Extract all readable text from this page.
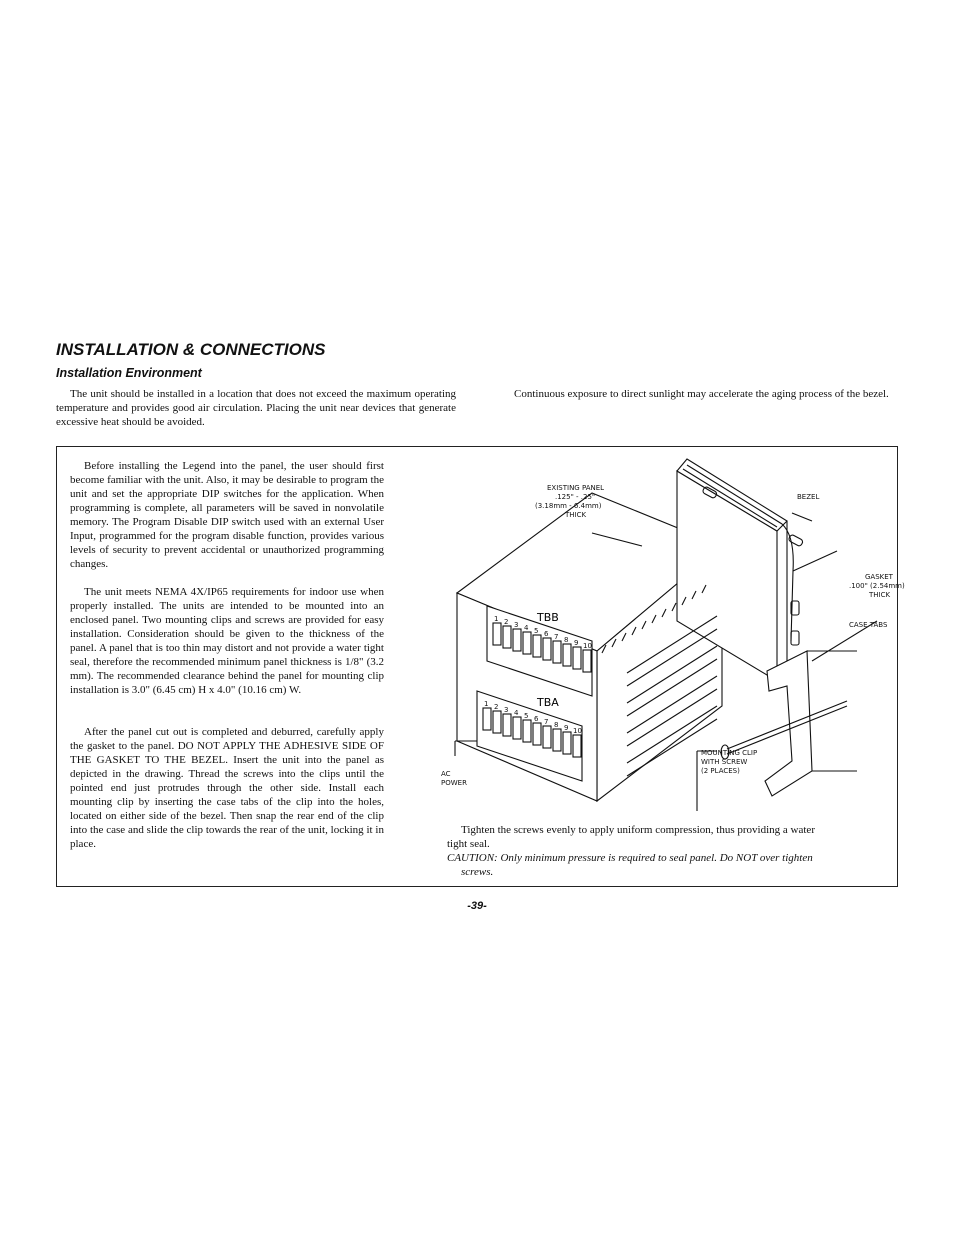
INSTALLATION & CONNECTIONS
Installation Environment

The unit should be installed in a location that does not exceed the maximum operating temperature and provides good air circulation. Placing the unit near devices that generate excessive heat should be avoided.

Continuous exposure to direct sunlight may accelerate the aging process of the bezel.

Before installing the Legend into the panel, the user should first become familiar with the unit. Also, it may be desirable to program the unit and set the appropriate DIP switches for the application. When programming is complete, all parameters will be saved in nonvolatile memory. The Program Disable DIP switch used with an external User Input, programmed for the program disable function, provides various levels of security to prevent accidental or unauthorized programming changes.

The unit meets NEMA 4X/IP65 requirements for indoor use when properly installed. The units are intended to be mounted into an enclosed panel. Two mounting clips and screws are provided for easy installation. Consideration should be given to the thickness of the panel. A panel that is too thin may distort and not provide a water tight seal, therefore the recommended minimum panel thickness is 1/8" (3.2 mm). The recommended clearance behind the panel for mounting clip installation is 3.0" (6.45 cm) H x 4.0" (10.16 cm) W.

After the panel cut out is completed and deburred, carefully apply the gasket to the panel. DO NOT APPLY THE ADHESIVE SIDE OF THE GASKET TO THE BEZEL. Insert the unit into the panel as depicted in the drawing. Thread the screws into the clips until the pointed end just protrudes through the other side. Install each mounting clip by inserting the case tabs of the clip into the holes, located on either side of the bezel. Then snap the rear end of the clip into the case and slide the clip towards the rear of the unit, locking it in place.

EXISTING PANEL
.125" - .25"
(3.18mm - 6.4mm)
THICK
BEZEL
GASKET
.100" (2.54mm)
THICK
CASE TABS
MOUNTING CLIP
WITH SCREW
(2 PLACES)
AC
POWER
TBB
TBA
1 2 3 4 5 6 7 8 9 10
1 2 3 4 5 6 7 8 9 10

Tighten the screws evenly to apply uniform compression, thus providing a water tight seal.

CAUTION: Only minimum pressure is required to seal panel. Do NOT over tighten screws.

-39-
